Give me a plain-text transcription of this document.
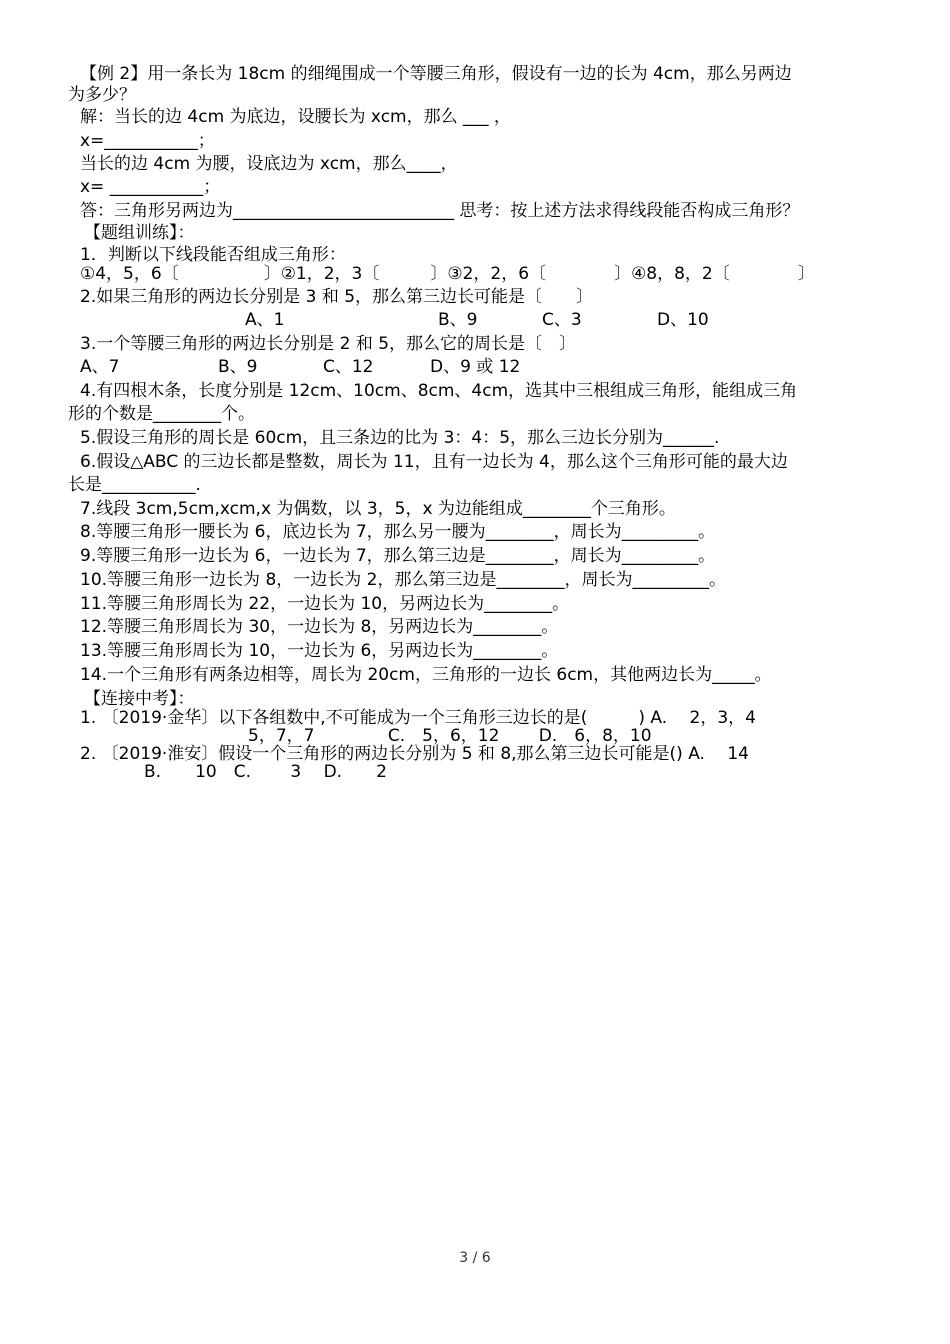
【例 2】用一条长为 18cm 的细绳围成一个等腰三角形，假设有一边的长为 4cm，那么另两边
为多少？
解：当长的边 4cm 为底边，设腰长为 xcm，那么 ___ ，
x=___________；
当长的边 4cm 为腰，设底边为 xcm，那么____，
x= ___________；
答：三角形另两边为__________________________ 思考：按上述方法求得线段能否构成三角形？
【题组训练】：
1．判断以下线段能否组成三角形：
①4，5，6〔　　　　　〕②1，2，3〔　　　〕③2，2，6〔　　　　〕④8，8，2〔　　　　〕
2.如果三角形的两边长分别是 3 和 5，那么第三边长可能是〔　　〕
A、1	B、9	C、3	D、10
3.一个等腰三角形的两边长分别是 2 和 5，那么它的周长是〔　〕
A、7	B、9	C、12	D、9 或 12
4.有四根木条，长度分别是 12cm、10cm、8cm、4cm，选其中三根组成三角形，能组成三角
形的个数是________个。
5.假设三角形的周长是 60cm，且三条边的比为 3：4：5，那么三边长分别为______.
6.假设△ABC 的三边长都是整数，周长为 11，且有一边长为 4，那么这个三角形可能的最大边
长是___________.
7.线段 3cm,5cm,xcm,x 为偶数，以 3，5，x 为边能组成________个三角形。
8.等腰三角形一腰长为 6，底边长为 7，那么另一腰为________，周长为_________。
9.等腰三角形一边长为 6，一边长为 7，那么第三边是________，周长为_________。
10.等腰三角形一边长为 8，一边长为 2，那么第三边是________，周长为_________。
11.等腰三角形周长为 22，一边长为 10，另两边长为________。
12.等腰三角形周长为 30，一边长为 8，另两边长为________。
13.等腰三角形周长为 10，一边长为 6，另两边长为________。
14.一个三角形有两条边相等，周长为 20cm，三角形的一边长 6cm，其他两边长为_____。
【连接中考】：
1. 〔2019·金华〕以下各组数中,不可能成为一个三角形三边长的是(　　　) A.　 2，3，4
5，7，7　　　　 C.　5，6，12　　 D.　6，8，10
2. 〔2019·淮安〕假设一个三角形的两边长分别为 5 和 8,那么第三边长可能是() A.　 14
B.　　10　C.　　 3　 D.　　2
3 / 6
